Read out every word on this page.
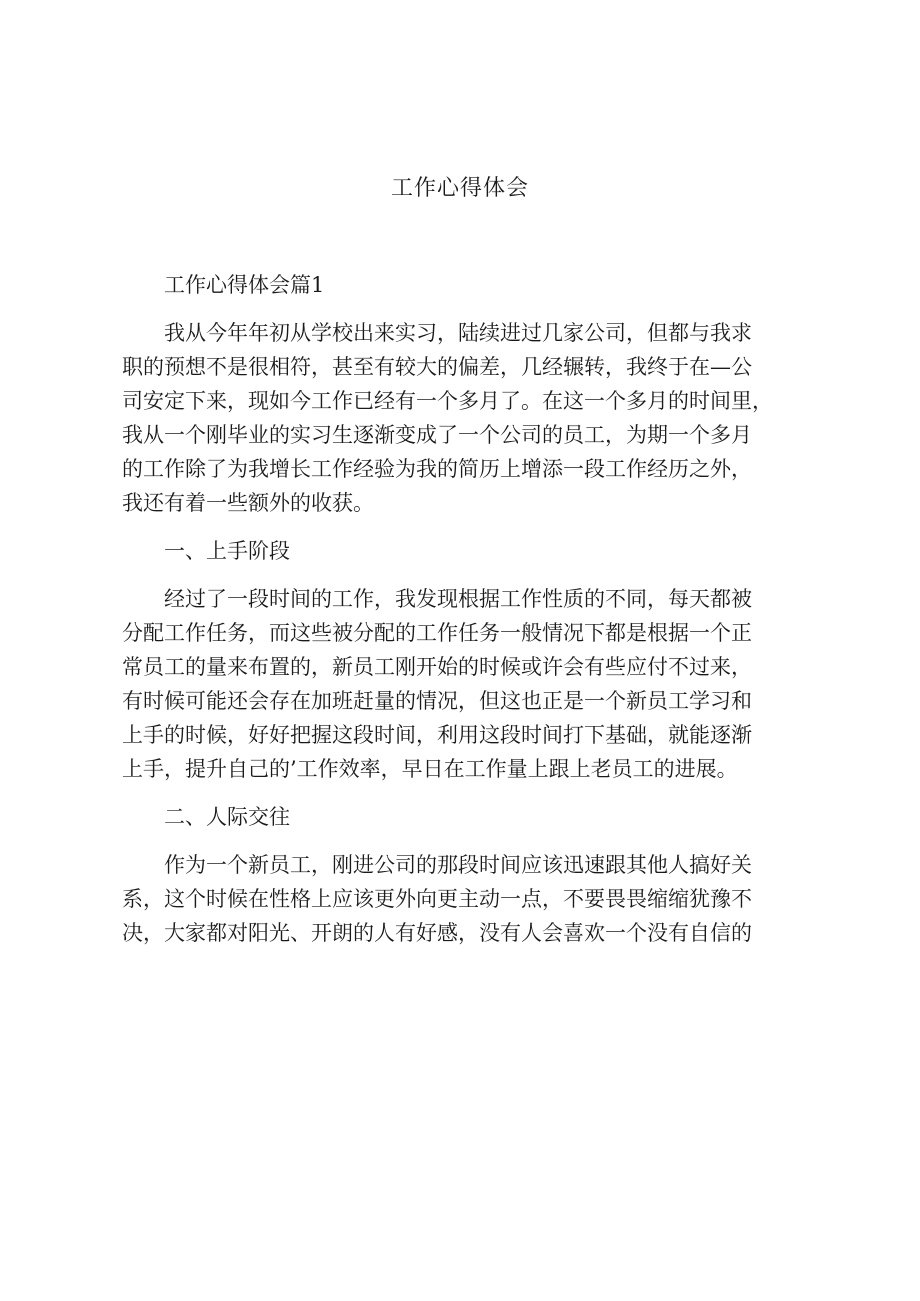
工作心得体会

工作心得体会篇1

我从今年年初从学校出来实习，陆续进过几家公司，但都与我求
职的预想不是很相符，甚至有较大的偏差，几经辗转，我终于在—公
司安定下来，现如今工作已经有一个多月了。在这一个多月的时间里，
我从一个刚毕业的实习生逐渐变成了一个公司的员工，为期一个多月
的工作除了为我增长工作经验为我的简历上增添一段工作经历之外，
我还有着一些额外的收获。

一、上手阶段

经过了一段时间的工作，我发现根据工作性质的不同，每天都被
分配工作任务，而这些被分配的工作任务一般情况下都是根据一个正
常员工的量来布置的，新员工刚开始的时候或许会有些应付不过来，
有时候可能还会存在加班赶量的情况，但这也正是一个新员工学习和
上手的时候，好好把握这段时间，利用这段时间打下基础，就能逐渐
上手，提升自己的’工作效率，早日在工作量上跟上老员工的进展。

二、人际交往

作为一个新员工，刚进公司的那段时间应该迅速跟其他人搞好关
系，这个时候在性格上应该更外向更主动一点，不要畏畏缩缩犹豫不
决，大家都对阳光、开朗的人有好感，没有人会喜欢一个没有自信的
